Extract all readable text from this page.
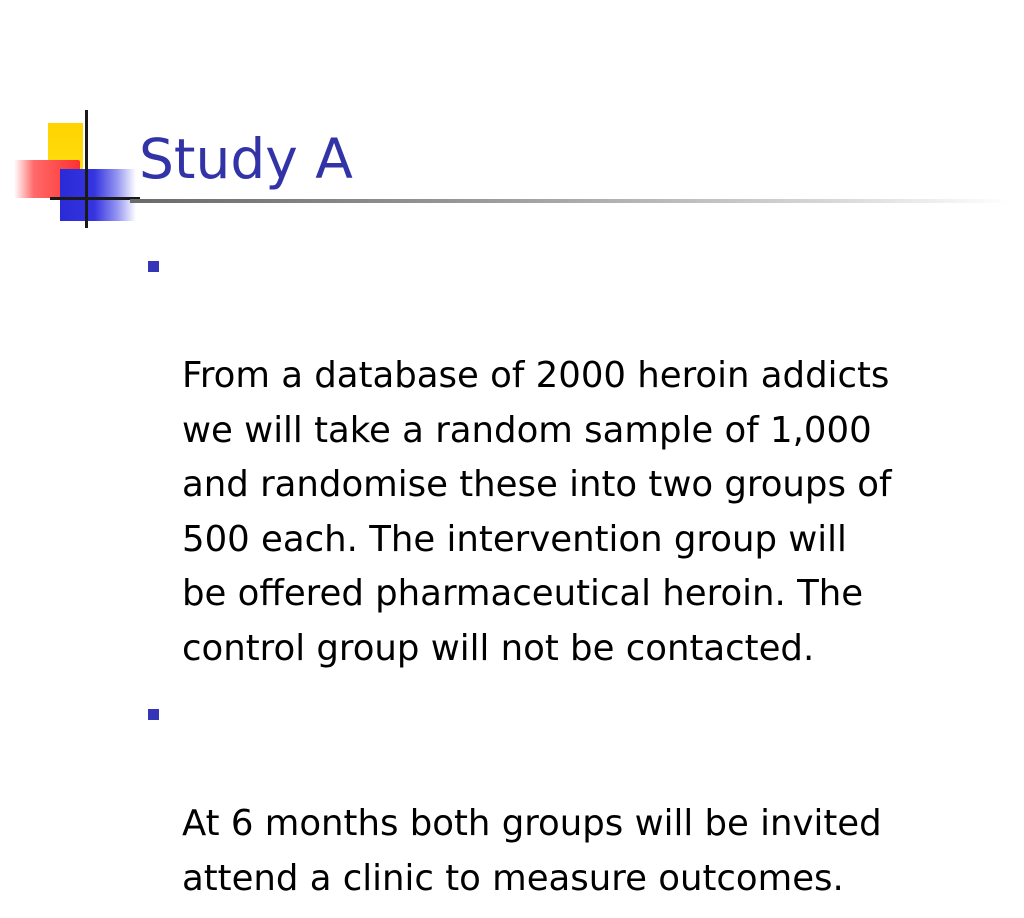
Study A

From a database of 2000 heroin addicts
we will take a random sample of 1,000
and randomise these into two groups of
500 each. The intervention group will
be offered pharmaceutical heroin. The
control group will not be contacted.

At 6 months both groups will be invited
attend a clinic to measure outcomes.
